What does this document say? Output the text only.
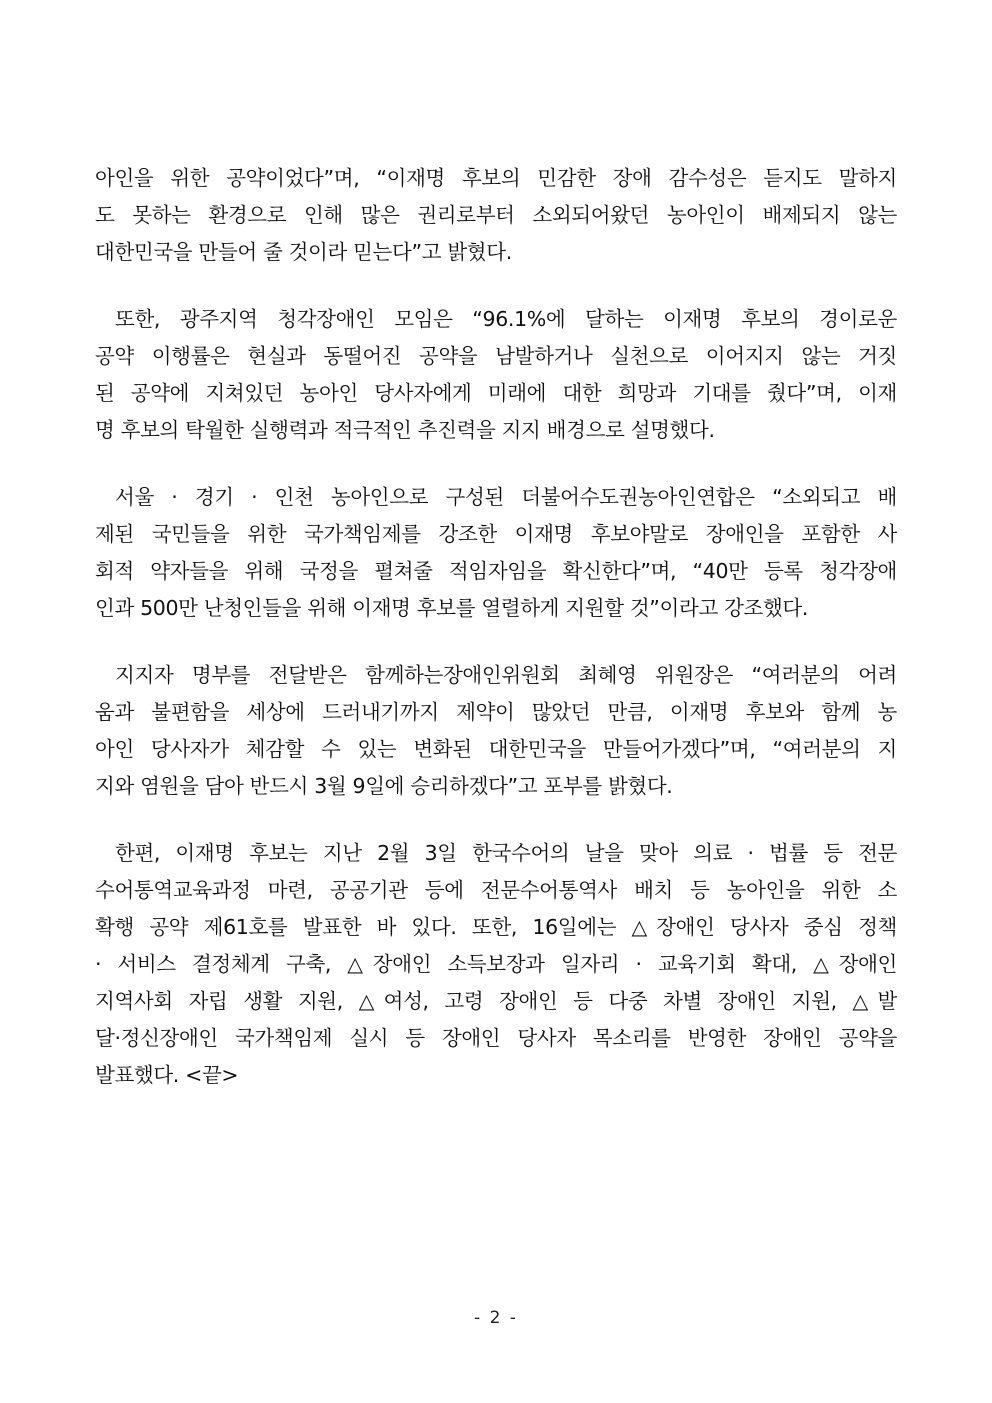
아인을 위한 공약이었다”며, “이재명 후보의 민감한 장애 감수성은 듣지도 말하지
도 못하는 환경으로 인해 많은 권리로부터 소외되어왔던 농아인이 배제되지 않는
대한민국을 만들어 줄 것이라 믿는다”고 밝혔다.
또한, 광주지역 청각장애인 모임은 “96.1%에 달하는 이재명 후보의 경이로운
공약 이행률은 현실과 동떨어진 공약을 남발하거나 실천으로 이어지지 않는 거짓
된 공약에 지쳐있던 농아인 당사자에게 미래에 대한 희망과 기대를 줬다”며, 이재
명 후보의 탁월한 실행력과 적극적인 추진력을 지지 배경으로 설명했다.
서울 · 경기 · 인천 농아인으로 구성된 더불어수도권농아인연합은 “소외되고 배
제된 국민들을 위한 국가책임제를 강조한 이재명 후보야말로 장애인을 포함한 사
회적 약자들을 위해 국정을 펼쳐줄 적임자임을 확신한다”며, “40만 등록 청각장애
인과 500만 난청인들을 위해 이재명 후보를 열렬하게 지원할 것”이라고 강조했다.
지지자 명부를 전달받은 함께하는장애인위원회 최혜영 위원장은 “여러분의 어려
움과 불편함을 세상에 드러내기까지 제약이 많았던 만큼, 이재명 후보와 함께 농
아인 당사자가 체감할 수 있는 변화된 대한민국을 만들어가겠다”며, “여러분의 지
지와 염원을 담아 반드시 3월 9일에 승리하겠다”고 포부를 밝혔다.
한편, 이재명 후보는 지난 2월 3일 한국수어의 날을 맞아 의료 · 법률 등 전문
수어통역교육과정 마련, 공공기관 등에 전문수어통역사 배치 등 농아인을 위한 소
확행 공약 제61호를 발표한 바 있다. 또한, 16일에는 △장애인 당사자 중심 정책
· 서비스 결정체계 구축, △장애인 소득보장과 일자리 · 교육기회 확대, △장애인
지역사회 자립 생활 지원, △여성, 고령 장애인 등 다중 차별 장애인 지원, △발
달·정신장애인 국가책임제 실시 등 장애인 당사자 목소리를 반영한 장애인 공약을
발표했다. <끝>
- 2 -
